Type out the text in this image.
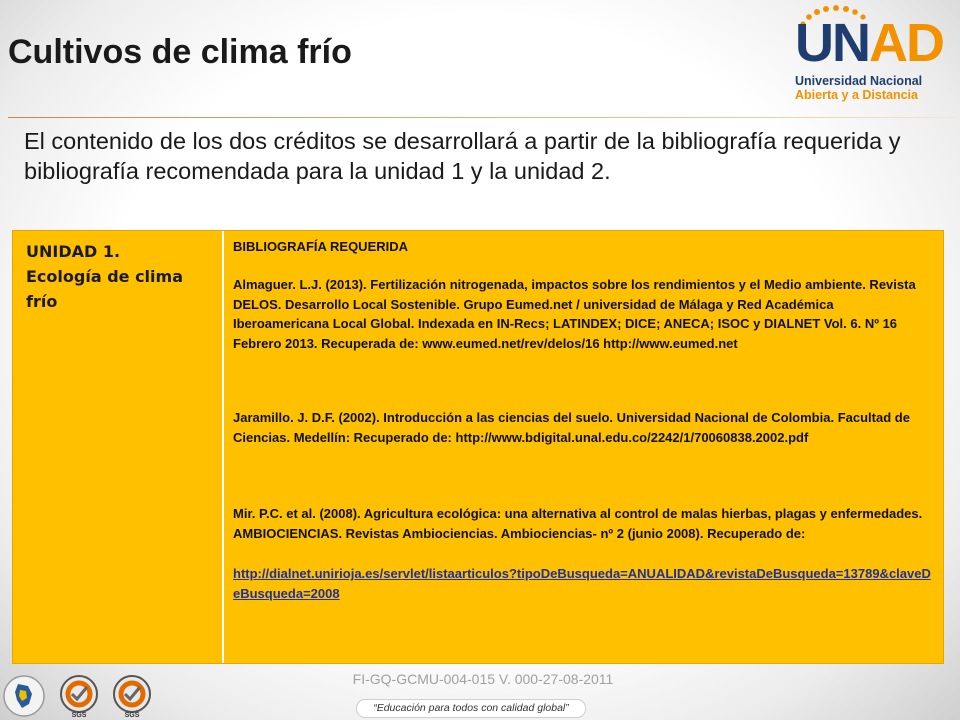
Cultivos de clima frío	UNAD
Universidad Nacional
Abierta y a Distancia

El contenido de los dos créditos se desarrollará a partir de la bibliografía requerida y bibliografía recomendada para la unidad 1 y la unidad 2.

UNIDAD 1.

Ecología de clima frío

BIBLIOGRAFÍA REQUERIDA

Almaguer. L.J. (2013). Fertilización nitrogenada, impactos sobre los rendimientos y el Medio ambiente. Revista DELOS. Desarrollo Local Sostenible. Grupo Eumed.net / universidad de Málaga y Red Académica Iberoamericana Local Global. Indexada en IN-Recs; LATINDEX; DICE; ANECA; ISOC y DIALNET Vol. 6. Nº 16 Febrero 2013. Recuperada de: www.eumed.net/rev/delos/16 http://www.eumed.net

Jaramillo. J. D.F. (2002). Introducción a las ciencias del suelo. Universidad Nacional de Colombia. Facultad de Ciencias. Medellín: Recuperado de: http://www.bdigital.unal.edu.co/2242/1/70060838.2002.pdf

Mir. P.C. et al. (2008). Agricultura ecológica: una alternativa al control de malas hierbas, plagas y enfermedades. AMBIOCIENCIAS. Revistas Ambiociencias. Ambiociencias- nº 2 (junio 2008). Recuperado de:

http://dialnet.unirioja.es/servlet/listaarticulos?tipoDeBusqueda=ANUALIDAD&revistaDeBusqueda=13789&claveDeBusqueda=2008

SGS	SGS
FI-GQ-GCMU-004-015 V. 000-27-08-2011
“Educación para todos con calidad global”
